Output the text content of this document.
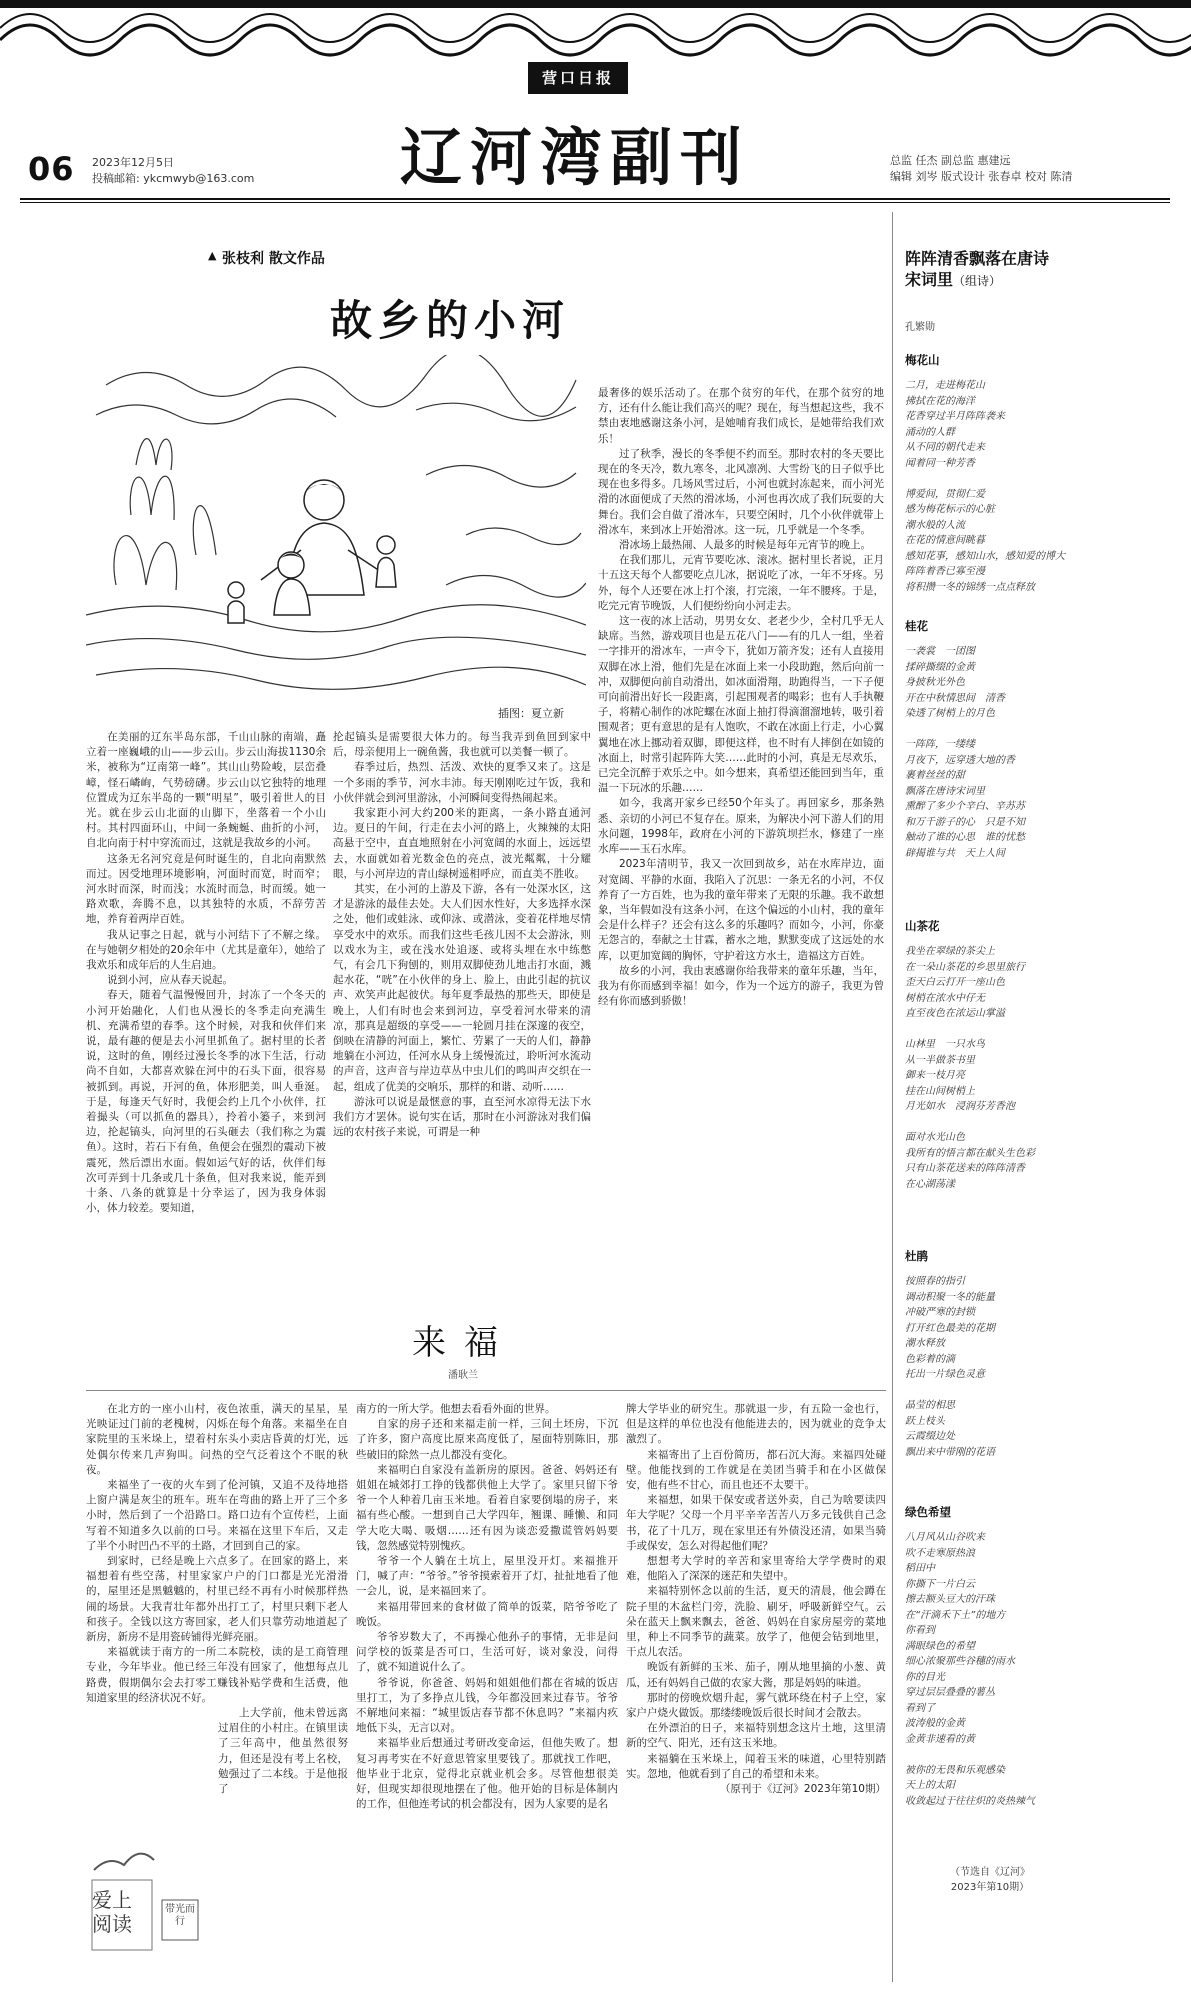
营口日报
辽河湾副刊
06 2023年12月5日
投稿邮箱: ykcmwyb@163.com
总监 任杰 副总监 惠建远
编辑 刘岑 版式设计 张春卓 校对 陈清
▲ 张枝利 散文作品
故乡的小河
插图：夏立新

在美丽的辽东半岛东部，千山山脉的南端，矗立着一座巍峨的山——步云山。步云山海拔1130余米，被称为“辽南第一峰”。其山山势险峻，层峦叠嶂，怪石嶙峋，气势磅礴。步云山以它独特的地理位置成为辽东半岛的一颗“明星”，吸引着世人的目光。就在步云山北面的山脚下，坐落着一个小山村。其村四面环山，中间一条蜿蜒、曲折的小河，自北向南于村中穿流而过，这就是我故乡的小河。

这条无名河究竟是何时诞生的，自北向南默然而过。因受地理环境影响，河面时而宽，时而窄；河水时而深，时而浅；水流时而急，时而缓。她一路欢歌，奔腾不息，以其独特的水质，不辞劳苦地，养育着两岸百姓。

我从记事之日起，就与小河结下了不解之缘。在与她朝夕相处的20余年中（尤其是童年），她给了我欢乐和成年后的人生启迪。

说到小河，应从春天说起。

春天，随着气温慢慢回升，封冻了一个冬天的小河开始融化，人们也从漫长的冬季走向充满生机、充满希望的春季。这个时候，对我和伙伴们来说，最有趣的便是去小河里抓鱼了。据村里的长者说，这时的鱼，刚经过漫长冬季的冰下生活，行动尚不自如，大都喜欢躲在河中的石头下面，很容易被抓到。再说，开河的鱼，体形肥美，叫人垂涎。于是，每逢天气好时，我便会约上几个小伙伴，扛着撮头（可以抓鱼的器具），拎着小篓子，来到河边，抡起镐头，向河里的石头砸去（我们称之为震鱼）。这时，若石下有鱼，鱼便会在强烈的震动下被震死，然后漂出水面。假如运气好的话，伙伴们每次可弄到十几条或几十条鱼，但对我来说，能弄到十条、八条的就算是十分幸运了，因为我身体弱小，体力较差。要知道，

抡起镐头是需要很大体力的。每当我弄到鱼回到家中后，母亲便用上一碗鱼酱，我也就可以美餐一顿了。

春季过后，热烈、活泼、欢快的夏季又来了。这是一个多雨的季节，河水丰沛。每天刚刚吃过午饭，我和小伙伴就会到河里游泳，小河瞬间变得热闹起来。

我家距小河大约200米的距离，一条小路直通河边。夏日的午间，行走在去小河的路上，火辣辣的太阳高悬于空中，直直地照射在小河宽阔的水面上，远远望去，水面就如着光数金色的亮点，波光粼粼，十分耀眼，与小河岸边的青山绿树遥相呼应，而直美不胜收。

其实，在小河的上游及下游，各有一处深水区，这才是游泳的最佳去处。大人们因水性好，大多选择水深之处，他们或蛙泳、或仰泳、或潜泳，变着花样地尽情享受水中的欢乐。而我们这些毛孩儿因不太会游泳，则以戏水为主，或在浅水处追逐、或将头埋在水中练憋气，有会几下狗刨的，则用双脚使劲儿地击打水面，溅起水花，“咣”在小伙伴的身上、脸上，由此引起的抗议声、欢笑声此起彼伏。每年夏季最热的那些天，即使是晚上，人们有时也会来到河边，享受着河水带来的清凉，那真是超级的享受——一轮圆月挂在深邃的夜空，倒映在清静的河面上，繁忙、劳累了一天的人们，静静地躺在小河边，任河水从身上缓慢流过，聆听河水流动的声音，这声音与岸边草丛中虫儿们的鸣叫声交织在一起，组成了优美的交响乐，那样的和谐、动听……

游泳可以说是最惬意的事，直至河水凉得无法下水我们方才罢休。说句实在话，那时在小河游泳对我们偏远的农村孩子来说，可谓是一种

最奢侈的娱乐活动了。在那个贫穷的年代，在那个贫穷的地方，还有什么能让我们高兴的呢？现在，每当想起这些，我不禁由衷地感谢这条小河，是她哺育我们成长，是她带给我们欢乐！

过了秋季，漫长的冬季便不约而至。那时农村的冬天要比现在的冬天冷，数九寒冬，北风凛冽、大雪纷飞的日子似乎比现在也多得多。几场风雪过后，小河也就封冻起来，而小河光滑的冰面便成了天然的滑冰场，小河也再次成了我们玩耍的大舞台。我们会自做了滑冰车，只要空闲时，几个小伙伴就带上滑冰车，来到冰上开始滑冰。这一玩，几乎就是一个冬季。

滑冰场上最热闹、人最多的时候是每年元宵节的晚上。

在我们那儿，元宵节要吃冰、滚冰。据村里长者说，正月十五这天每个人都要吃点儿冰，据说吃了冰，一年不牙疼。另外，每个人还要在冰上打个滚，打完滚，一年不腰疼。于是，吃完元宵节晚饭，人们便纷纷向小河走去。

这一夜的冰上活动，男男女女、老老少少，全村几乎无人缺席。当然，游戏项目也是五花八门——有的几人一组，坐着一字排开的滑冰车，一声令下，犹如万箭齐发；还有人直接用双脚在冰上滑，他们先是在冰面上来一小段助跑，然后向前一冲，双脚便向前自动滑出，如冰面滑翔，助跑得当，一下子便可向前滑出好长一段距离，引起围观者的喝彩；也有人手执鞭子，将精心制作的冰陀螺在冰面上抽打得滴溜溜地转，吸引着围观者；更有意思的是有人饱吹，不敢在冰面上行走，小心翼翼地在冰上挪动着双脚，即便这样，也不时有人摔倒在如镜的冰面上，时常引起阵阵大笑……此时的小河，真是无尽欢乐，已完全沉醉于欢乐之中。如今想来，真希望还能回到当年，重温一下玩冰的乐趣……

如今，我离开家乡已经50个年头了。再回家乡，那条熟悉、亲切的小河已不复存在。原来，为解决小河下游人们的用水问题，1998年，政府在小河的下游筑坝拦水，修建了一座水库——玉石水库。

2023年清明节，我又一次回到故乡，站在水库岸边，面对宽阔、平静的水面，我陷入了沉思：一条无名的小河，不仅养育了一方百姓，也为我的童年带来了无限的乐趣。我不敢想象，当年假如没有这条小河，在这个偏远的小山村，我的童年会是什么样子？还会有这么多的乐趣吗？而如今，小河，你豪无怨言的，奉献之士甘霖，蓄水之地，默默变成了这远处的水库，以更加宽阔的胸怀，守护着这方水土，造福这方百姓。

故乡的小河，我由衷感谢你给我带来的童年乐趣，当年，我为有你而感到幸福！如今，作为一个远方的游子，我更为曾经有你而感到骄傲！

来福
潘耿兰

在北方的一座小山村，夜色浓重，满天的星星，星光映证过门前的老槐树，闪烁在每个角落。来福坐在自家院里的玉米垛上，望着村东头小卖店昏黄的灯光，远处偶尔传来几声狗叫。问热的空气泛着这个不眠的秋夜。

来福坐了一夜的火车到了伦河镇，又追不及待地搭上窗户满是灰尘的班车。班车在弯曲的路上开了三个多小时，然后到了一个沿路口。路口边有个宣传栏，上面写着不知道多久以前的口号。来福在这里下车后，又走了半个小时凹凸不平的土路，才回到自己的家。

到家时，已经是晚上六点多了。在回家的路上，来福想着有些空荡，村里家家户户的门口都是光光滑滑的，屋里还是黑魆魆的，村里已经不再有小时候那样热闹的场景。大我青壮年都外出打工了，村里只剩下老人和孩子。全钱以这方寄回家，老人们只靠劳动地道起了新房，新房不是用瓷砖铺得光鲜亮丽。

来福就读于南方的一所二本院校，读的是工商管理专业，今年毕业。他已经三年没有回家了，他想每点儿路费，假期偶尔会去打零工赚钱补贴学费和生活费，他知道家里的经济状况不好。

上大学前，他未曾远离过眉住的小村庄。在镇里读了三年高中，他虽然很努力，但还是没有考上名校，勉强过了二本线。于是他报了

南方的一所大学。他想去看看外面的世界。

自家的房子还和来福走前一样，三间土坯房，下沉了许多，窗户高度比原来高度低了，屋面特别陈旧，那些破旧的除然一点儿都没有变化。

来福明白自家没有盖新房的原因。爸爸、妈妈还有姐姐在城郊打工挣的钱都供他上大学了。家里只留下爷爷一个人种着几亩玉米地。看着自家要倒塌的房子，来福有些心酸。一想到自己大学四年，翘课、睡懒、和同学大吃大喝、吸烟……还有因为谈恋爱撒谎管妈妈要钱，忽然感觉特别愧疚。

爷爷一个人躺在土坑上，屋里没开灯。来福推开门，喊了声：“爷爷。”爷爷摸索着开了灯，扯扯地看了他一会儿，说，是来福回来了。

来福用带回来的食材做了简单的饭菜，陪爷爷吃了晚饭。

爷爷岁数大了，不再操心他孙子的事情，无非是问问学校的饭菜是否可口，生活可好，谈对象没，问得了，就不知道说什么了。

爷爷说，你爸爸、妈妈和姐姐他们都在省城的饭店里打工，为了多挣点儿钱，今年都没回来过春节。爷爷不解地问来福：“城里饭店春节都不休息吗？”来福内疚地低下头，无言以对。

来福毕业后想通过考研改变命运，但他失败了。想复习再考实在不好意思管家里要钱了。那就找工作吧，他毕业于北京，觉得北京就业机会多。尽管他想很美好，但现实却很现地摆在了他。他开始的目标是体制内的工作，但他连考试的机会都没有，因为人家要的是名

牌大学毕业的研究生。那就退一步，有五险一金也行，但是这样的单位也没有他能进去的，因为就业的竞争太激烈了。

来福寄出了上百份简历，都石沉大海。来福四处碰壁。他能找到的工作就是在美团当骑手和在小区做保安，他有些不甘心，而且也还不太要干。

来福想，如果干保安或者送外卖，自己为啥要读四年大学呢？父母一个月平辛辛苦苦八万多元钱供自己念书，花了十几万，现在家里还有外债没还清，如果当骑手或保安，怎么对得起他们呢？

想想考大学时的辛苦和家里寄给大学学费时的艰难，他陷入了深深的迷茫和失望中。

来福特别怀念以前的生活，夏天的清晨，他会蹲在院子里的木盆栏门旁，洗脸、刷牙，呼吸新鲜空气。云朵在蓝天上飘来飘去，爸爸、妈妈在自家房屋旁的菜地里，种上不同季节的蔬菜。放学了，他便会钻到地里，干点儿农活。

晚饭有新鲜的玉米、茄子，刚从地里摘的小葱、黄瓜，还有妈妈自己做的农家大酱，那是妈妈的味道。

那时的傍晚炊烟升起，雾气就环绕在村子上空，家家户户烧火做饭。那缕缕晚饭后很长时间才会散去。

在外漂泊的日子，来福特别想念这片土地，这里清新的空气、阳光，还有这玉米地。

来福躺在玉米垛上，闻着玉米的味道，心里特别踏实。忽地，他就看到了自己的希望和未来。

（原刊于《辽河》2023年第10期）

爱上阅读
带光而行
阵阵清香飘落在唐诗宋词里（组诗）
孔繁勋
梅花山
二月，走进梅花山
拂拭在花的海洋
花香穿过半月阵阵袭来
涌动的人群
从不同的朝代走来
闻着同一种芳香

博爱间，贯彻仁爱
感为梅花标示的心脏
潮水般的人流
在花的情意间眺暮
感知花事，感知山水，感知爱的博大
阵阵着香已寡至漫
将积攒一冬的锦绣一点点释放
桂花
一袭裳　一团图
揉碎撕缀的金黄
身披秋光外色
开在中秋情思间　清香
染透了树梢上的月色

一阵阵，一缕缕
月夜下，远穿透大地的香
裹着丝丝的甜
飘落在唐诗宋词里
熏醉了多少个辛白、辛苏苏
和万千游子的心　只是不知
触动了谁的心思　谁的忧愁
辟揭谁与共　天上人间
山茶花
我坐在翠绿的茶尖上
在一朵山茶花的乡思里旅行
歪天白云打开一座山色
树梢在浓水中仔无
直至夜色在浓运山掌溢

山林里　一只水鸟
从一半做茶书里
御来一枝月亮
挂在山间树梢上
月光如水　浸润芬芳香泡

面对水光山色
我所有的悟言都在献头生色彩
只有山茶花送来的阵阵清香
在心湖荡漾
杜鹃
按照春的指引
调动积聚一冬的能量
冲破严寒的封锁
打开红色最美的花期
潮水释放
色彩着的滴
托出一片绿色灵意

晶莹的相思
跃上枝头
云霞缀边处
飘出来中带刚的花语
绿色希望
八月风从山谷吹来
吹不走寒原热浪
稻田中
你撕下一片白云
擦去额头豆大的汗珠
在“汗滴禾下土”的地方
你看到
满眼绿色的希望
细心浓聚那些谷穗的雨水
你的目光
穿过层层叠叠的薯丛
看到了
波涛般的金黄
金黄非速看的黄

被你的无畏和乐观感染
天上的太阳
收敛起过于往往炽的炎热辣气
（节选自《辽河》
2023年第10期）
